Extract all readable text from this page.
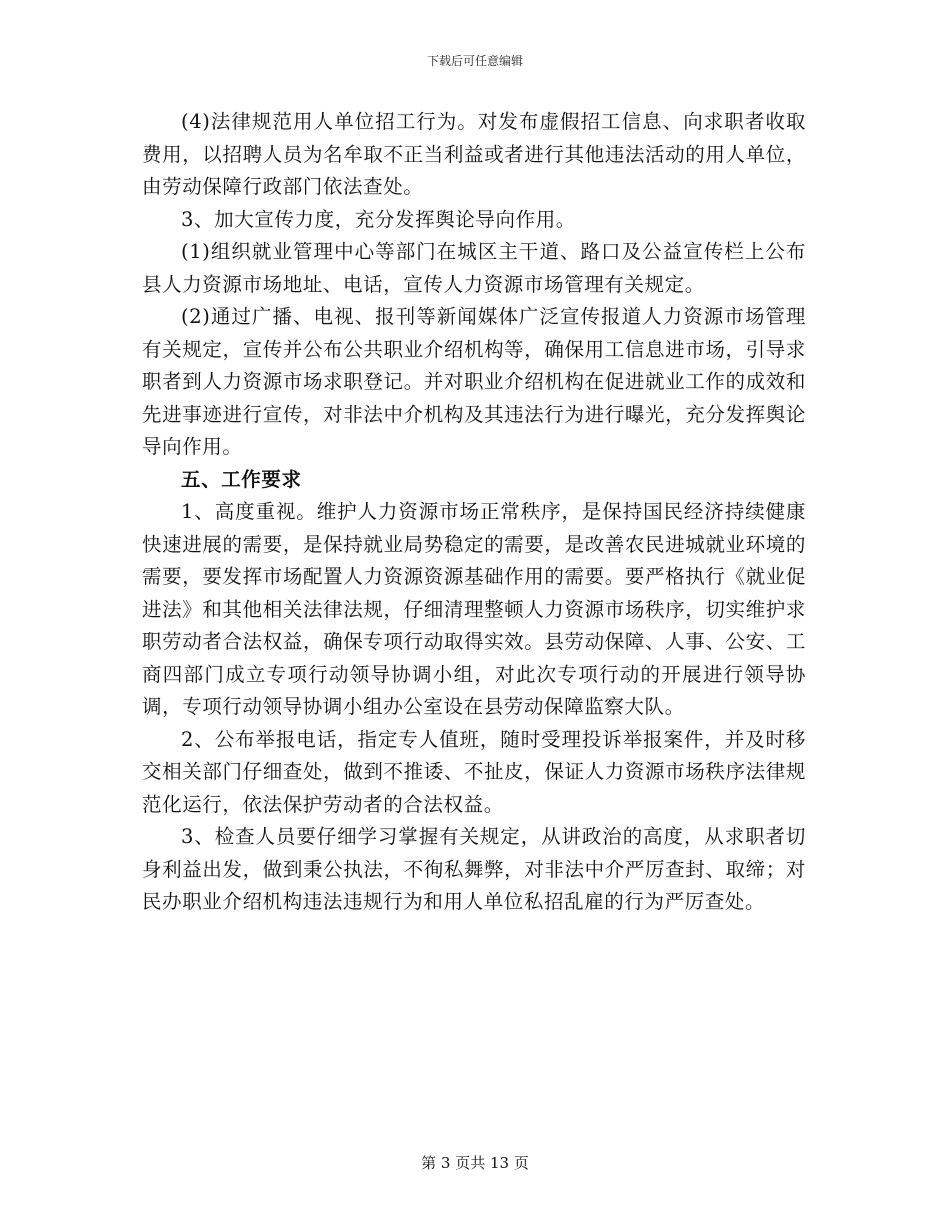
下载后可任意编辑

(4)法律规范用人单位招工行为。对发布虚假招工信息、向求职者收取费用，以招聘人员为名牟取不正当利益或者进行其他违法活动的用人单位，由劳动保障行政部门依法查处。

3、加大宣传力度，充分发挥舆论导向作用。

(1)组织就业管理中心等部门在城区主干道、路口及公益宣传栏上公布县人力资源市场地址、电话，宣传人力资源市场管理有关规定。

(2)通过广播、电视、报刊等新闻媒体广泛宣传报道人力资源市场管理有关规定，宣传并公布公共职业介绍机构等，确保用工信息进市场，引导求职者到人力资源市场求职登记。并对职业介绍机构在促进就业工作的成效和先进事迹进行宣传，对非法中介机构及其违法行为进行曝光，充分发挥舆论导向作用。

五、工作要求

1、高度重视。维护人力资源市场正常秩序，是保持国民经济持续健康快速进展的需要，是保持就业局势稳定的需要，是改善农民进城就业环境的需要，要发挥市场配置人力资源资源基础作用的需要。要严格执行《就业促进法》和其他相关法律法规，仔细清理整顿人力资源市场秩序，切实维护求职劳动者合法权益，确保专项行动取得实效。县劳动保障、人事、公安、工商四部门成立专项行动领导协调小组，对此次专项行动的开展进行领导协调，专项行动领导协调小组办公室设在县劳动保障监察大队。

2、公布举报电话，指定专人值班，随时受理投诉举报案件，并及时移交相关部门仔细查处，做到不推诿、不扯皮，保证人力资源市场秩序法律规范化运行，依法保护劳动者的合法权益。

3、检查人员要仔细学习掌握有关规定，从讲政治的高度，从求职者切身利益出发，做到秉公执法，不徇私舞弊，对非法中介严厉查封、取缔；对民办职业介绍机构违法违规行为和用人单位私招乱雇的行为严厉查处。

第 3 页共 13 页
